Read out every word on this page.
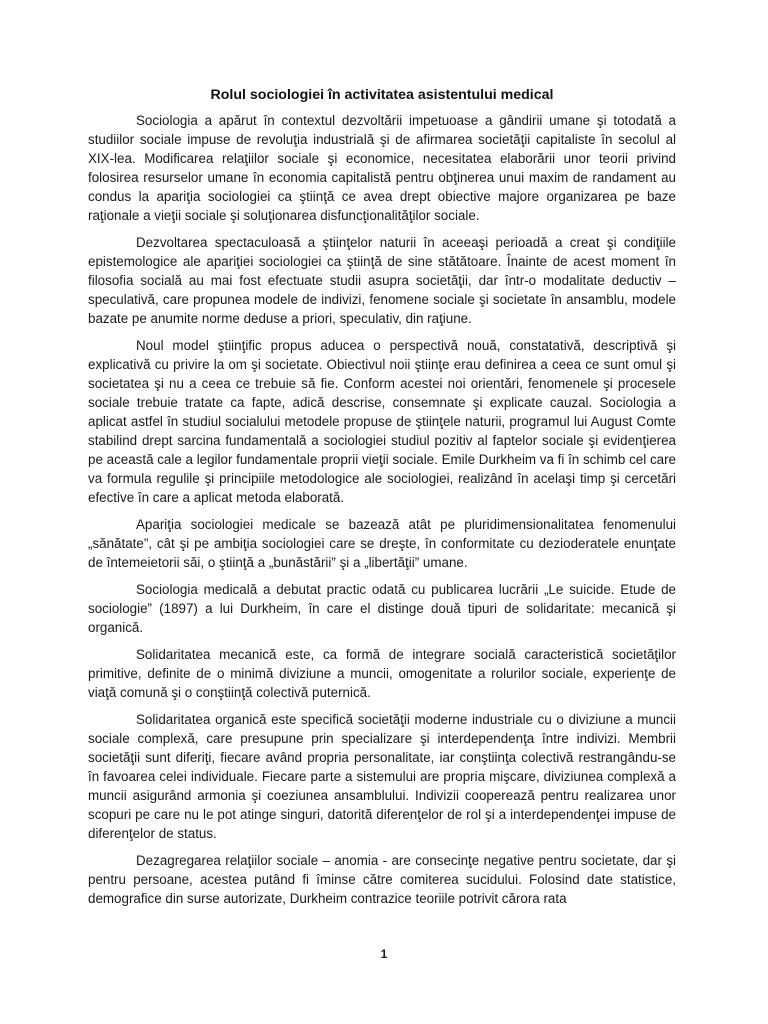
Rolul sociologiei în activitatea asistentului medical

Sociologia a apărut în contextul dezvoltării impetuoase a gândirii umane şi totodată a studiilor sociale impuse de revoluţia industrială şi de afirmarea societăţii capitaliste în secolul al XIX-lea. Modificarea relaţiilor sociale şi economice, necesitatea elaborării unor teorii privind folosirea resurselor umane în economia capitalistă pentru obţinerea unui maxim de randament au condus la apariţia sociologiei ca ştiinţă ce avea drept obiective majore organizarea pe baze raţionale a vieţii sociale şi soluţionarea disfuncţionalităţilor sociale.

Dezvoltarea spectaculoasă a ştiinţelor naturii în aceeaşi perioadă a creat şi condiţiile epistemologice ale apariţiei sociologiei ca ştiinţă de sine stătătoare. Înainte de acest moment în filosofia socială au mai fost efectuate studii asupra societăţii, dar într-o modalitate deductiv – speculativă, care propunea modele de indivizi, fenomene sociale şi societate în ansamblu, modele bazate pe anumite norme deduse a priori, speculativ, din raţiune.

Noul model ştiinţific propus aducea o perspectivă nouă, constatativă, descriptivă şi explicativă cu privire la om şi societate. Obiectivul noii ştiinţe erau definirea a ceea ce sunt omul şi societatea şi nu a ceea ce trebuie să fie. Conform acestei noi orientări, fenomenele şi procesele sociale trebuie tratate ca fapte, adică descrise, consemnate şi explicate cauzal. Sociologia a aplicat astfel în studiul socialului metodele propuse de ştiinţele naturii, programul lui August Comte stabilind drept sarcina fundamentală a sociologiei studiul pozitiv al faptelor sociale şi evidenţierea pe această cale a legilor fundamentale proprii vieţii sociale. Emile Durkheim va fi în schimb cel care va formula regulile şi principiile metodologice ale sociologiei, realizând în acelaşi timp şi cercetări efective în care a aplicat metoda elaborată.

Apariţia sociologiei medicale se bazează atât pe pluridimensionalitatea fenomenului „sănătate”, cât şi pe ambiţia sociologiei care se dreşte, în conformitate cu dezioderatele enunţate de întemeietorii săi, o ştiinţă a „bunăstării” şi a „libertăţii” umane.

Sociologia medicală a debutat practic odată cu publicarea lucrării „Le suicide. Etude de sociologie” (1897) a lui Durkheim, în care el distinge două tipuri de solidaritate: mecanică şi organică.

Solidaritatea mecanică este, ca formă de integrare socială caracteristică societăţilor primitive, definite de o minimă diviziune a muncii, omogenitate a rolurilor sociale, experienţe de viaţă comună şi o conştiinţă colectivă puternică.

Solidaritatea organică este specifică societăţii moderne industriale cu o diviziune a muncii sociale complexă, care presupune prin specializare şi interdependenţa între indivizi. Membrii societăţii sunt diferiţi, fiecare având propria personalitate, iar conştiinţa colectivă restrangându-se în favoarea celei individuale. Fiecare parte a sistemului are propria mişcare, diviziunea complexă a muncii asigurând armonia şi coeziunea ansamblului. Indivizii cooperează pentru realizarea unor scopuri pe care nu le pot atinge singuri, datorită diferenţelor de rol şi a interdependenţei impuse de diferenţelor de status.

Dezagregarea relaţiilor sociale – anomia - are consecinţe negative pentru societate, dar şi pentru persoane, acestea putând fi îminse către comiterea sucidului. Folosind date statistice, demografice din surse autorizate, Durkheim contrazice teoriile potrivit cărora rata

1
